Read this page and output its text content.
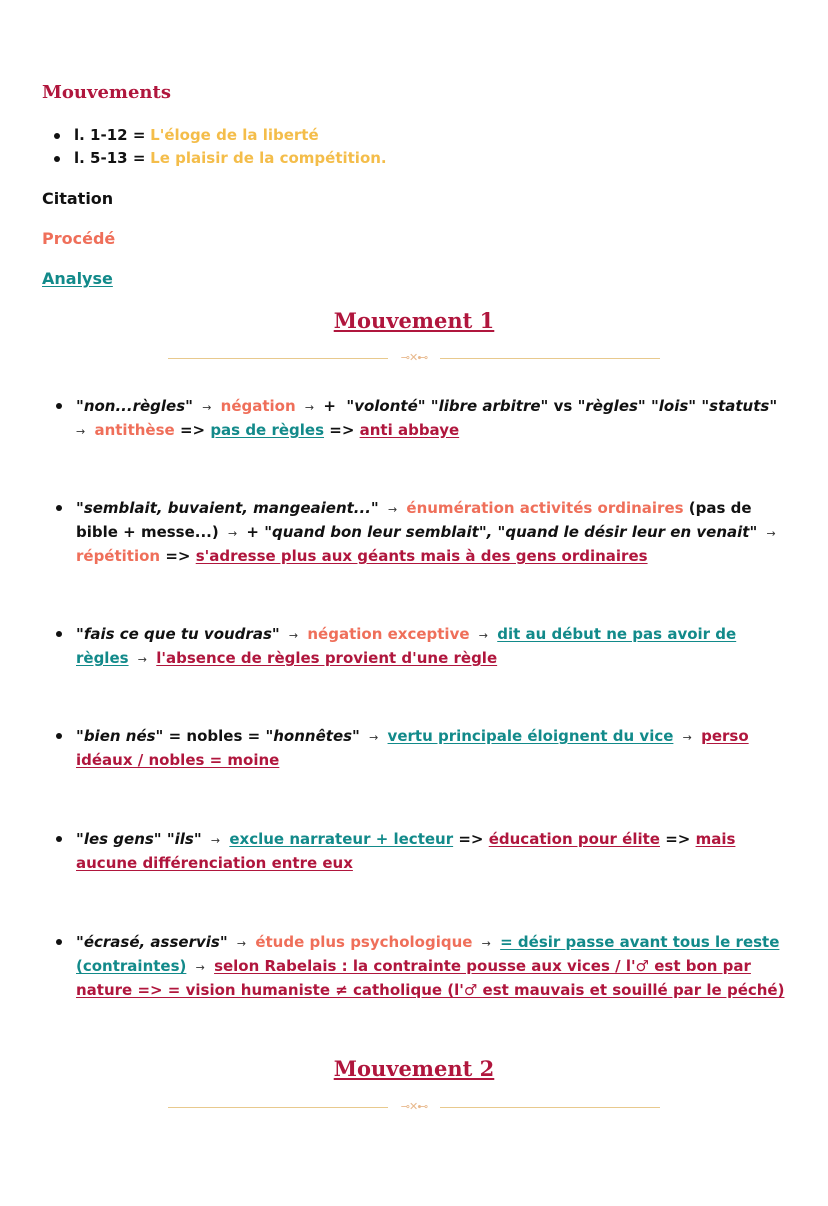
Mouvements
l. 1-12 = L'éloge de la liberté
l. 5-13 = Le plaisir de la compétition.
Citation
Procédé
Analyse
Mouvement 1
⊸✕⊷
"non...règles" → négation → + "volonté" "libre arbitre" vs "règles" "lois" "statuts"
→ antithèse => pas de règles => anti abbaye
"semblait, buvaient, mangeaient..." → énumération activités ordinaires (pas de bible + messe...) → + "quand bon leur semblait", "quand le désir leur en venait" → répétition => s'adresse plus aux géants mais à des gens ordinaires
"fais ce que tu voudras" → négation exceptive → dit au début ne pas avoir de règles → l'absence de règles provient d'une règle
"bien nés" = nobles = "honnêtes" → vertu principale éloignent du vice → perso idéaux / nobles = moine
"les gens" "ils" → exclue narrateur + lecteur => éducation pour élite => mais aucune différenciation entre eux
"écrasé, asservis" → étude plus psychologique → = désir passe avant tous le reste (contraintes) → selon Rabelais : la contrainte pousse aux vices / l'♂ est bon par nature => = vision humaniste ≠ catholique (l'♂ est mauvais et souillé par le péché)
Mouvement 2
⊸✕⊷
